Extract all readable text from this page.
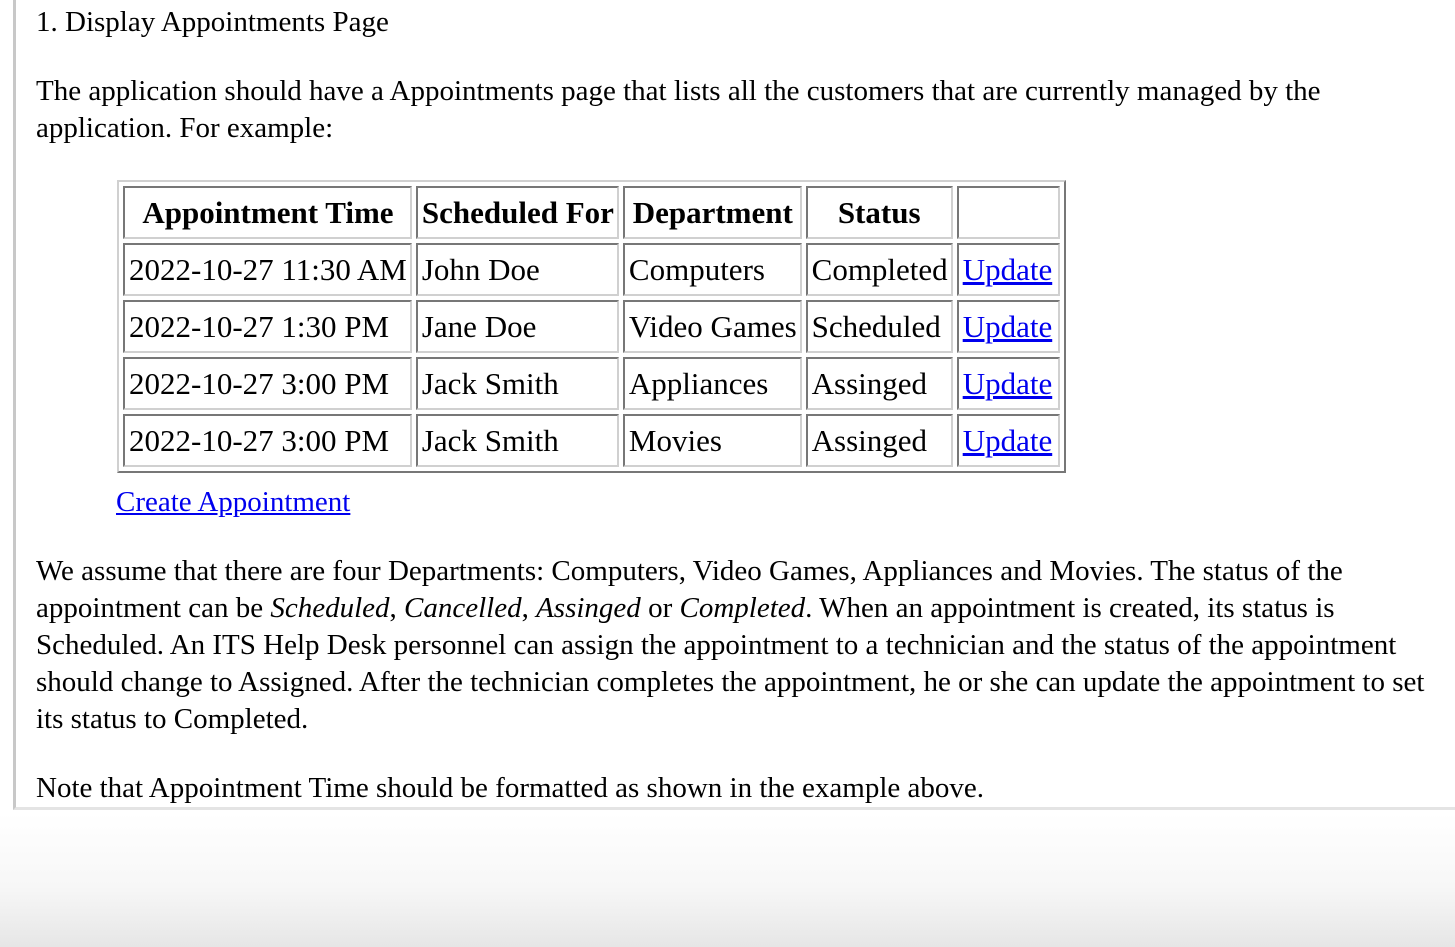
1. Display Appointments Page

The application should have a Appointments page that lists all the customers that are currently managed by the application. For example:

Appointment Time	Scheduled For	Department	Status	
2022-10-27 11:30 AM	John Doe	Computers	Completed	Update
2022-10-27 1:30 PM	Jane Doe	Video Games	Scheduled	Update
2022-10-27 3:00 PM	Jack Smith	Appliances	Assinged	Update
2022-10-27 3:00 PM	Jack Smith	Movies	Assinged	Update
Create Appointment

We assume that there are four Departments: Computers, Video Games, Appliances and Movies. The status of the appointment can be Scheduled, Cancelled, Assinged or Completed. When an appointment is created, its status is Scheduled. An ITS Help Desk personnel can assign the appointment to a technician and the status of the appointment should change to Assigned. After the technician completes the appointment, he or she can update the appointment to set its status to Completed.

Note that Appointment Time should be formatted as shown in the example above.
